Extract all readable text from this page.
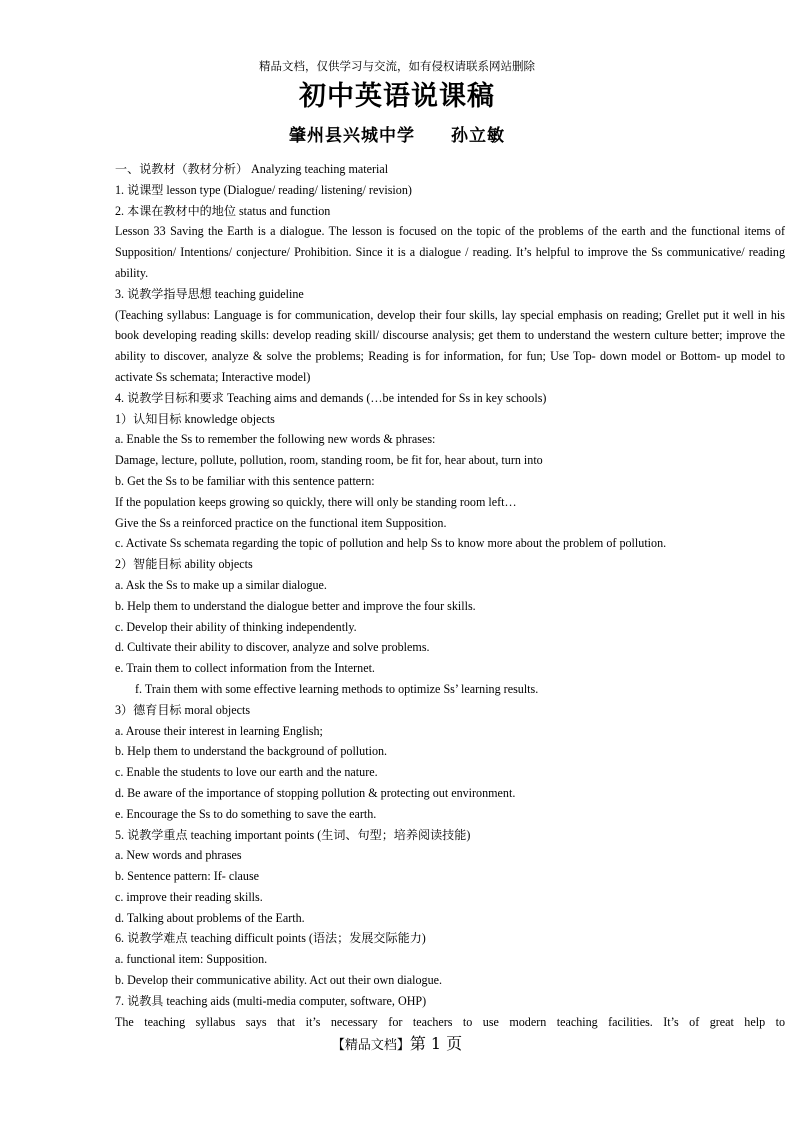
精品文档，仅供学习与交流，如有侵权请联系网站删除
初中英语说课稿
肇州县兴城中学　　孙立敏

一、说教材（教材分析） Analyzing teaching material

1. 说课型 lesson type (Dialogue/ reading/ listening/ revision)

2. 本课在教材中的地位 status and function

Lesson 33 Saving the Earth is a dialogue. The lesson is focused on the topic of the problems of the earth and the functional items of Supposition/ Intentions/ conjecture/ Prohibition. Since it is a dialogue / reading. It’s helpful to improve the Ss communicative/ reading ability.

3. 说教学指导思想 teaching guideline

(Teaching syllabus: Language is for communication, develop their four skills, lay special emphasis on reading; Grellet put it well in his book developing reading skills: develop reading skill/ discourse analysis; get them to understand the western culture better; improve the ability to discover, analyze & solve the problems; Reading is for information, for fun; Use Top- down model or Bottom- up model to activate Ss schemata; Interactive model)

4. 说教学目标和要求 Teaching aims and demands (…be intended for Ss in key schools)

1）认知目标 knowledge objects

a. Enable the Ss to remember the following new words & phrases:

Damage, lecture, pollute, pollution, room, standing room, be fit for, hear about, turn into

b. Get the Ss to be familiar with this sentence pattern:

If the population keeps growing so quickly, there will only be standing room left…

Give the Ss a reinforced practice on the functional item Supposition.

c. Activate Ss schemata regarding the topic of pollution and help Ss to know more about the problem of pollution.

2）智能目标 ability objects

a. Ask the Ss to make up a similar dialogue.

b. Help them to understand the dialogue better and improve the four skills.

c. Develop their ability of thinking independently.

d. Cultivate their ability to discover, analyze and solve problems.

e. Train them to collect information from the Internet.

f. Train them with some effective learning methods to optimize Ss’ learning results.

3）德育目标 moral objects

a. Arouse their interest in learning English;

b. Help them to understand the background of pollution.

c. Enable the students to love our earth and the nature.

d. Be aware of the importance of stopping pollution & protecting out environment.

e. Encourage the Ss to do something to save the earth.

5. 说教学重点 teaching important points (生词、句型；培养阅读技能)

a. New words and phrases

b. Sentence pattern: If- clause

c. improve their reading skills.

d. Talking about problems of the Earth.

6. 说教学难点 teaching difficult points (语法；发展交际能力)

a. functional item: Supposition.

b. Develop their communicative ability. Act out their own dialogue.

7. 说教具 teaching aids (multi-media computer, software, OHP)

The teaching syllabus says that it’s necessary for teachers to use modern teaching facilities. It’s of great help to

【精品文档】第 1 页
